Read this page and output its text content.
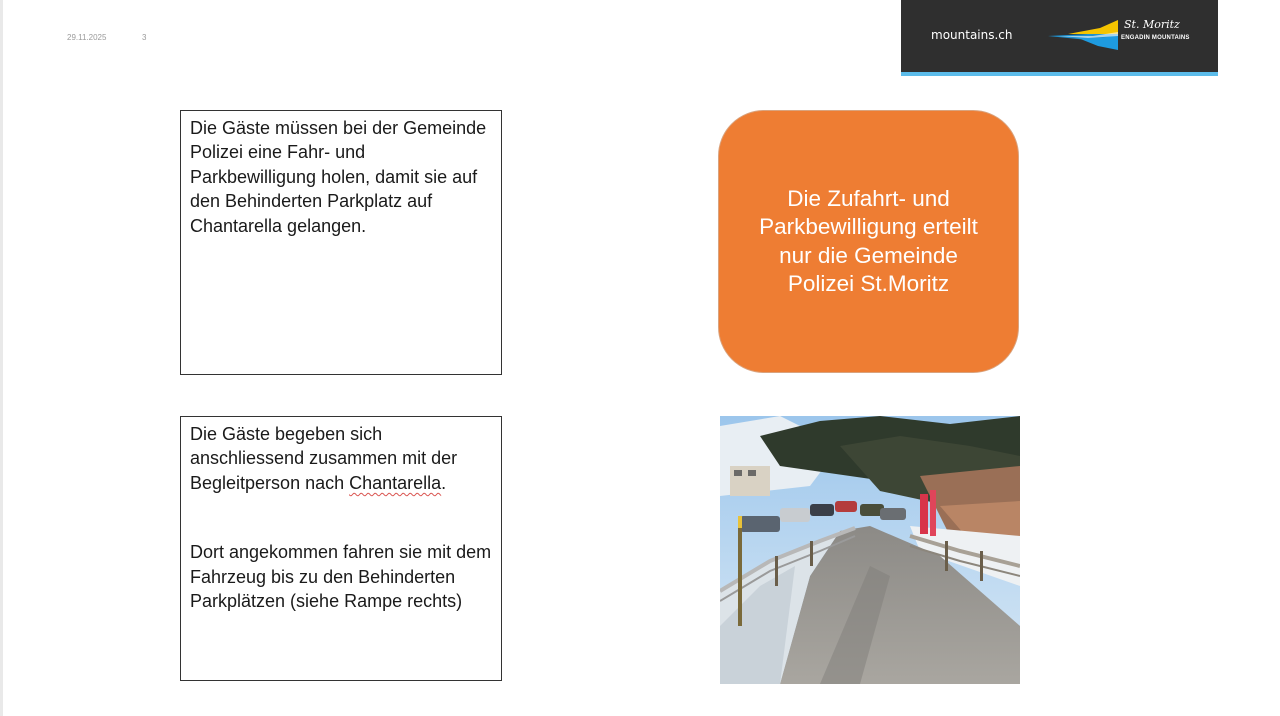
29.11.2025	3	mountains.ch
St. Moritz
ENGADIN MOUNTAINS
Die Gäste müssen bei der Gemeinde Polizei eine Fahr- und Parkbewilligung holen, damit sie auf den Behinderten Parkplatz auf Chantarella gelangen.

Die Gäste begeben sich anschliessend zusammen mit der Begleitperson nach Chantarella.

Dort angekommen fahren sie mit dem Fahrzeug bis zu den Behinderten Parkplätzen (siehe Rampe rechts)

Die Zufahrt- und Parkbewilligung erteilt nur die Gemeinde Polizei St.Moritz
